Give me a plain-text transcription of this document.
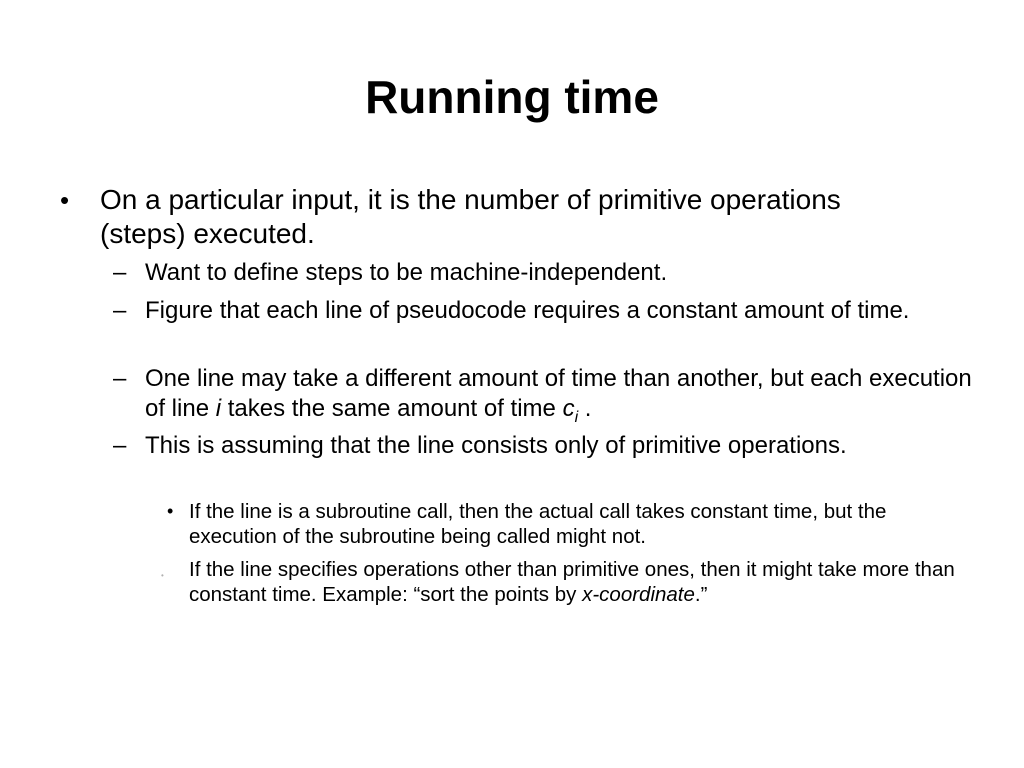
Running time
• On a particular input, it is the number of primitive operations (steps) executed.
– Want to define steps to be machine-independent.
– Figure that each line of pseudocode requires a constant amount of time.
– One line may take a different amount of time than another, but each execution of line i takes the same amount of time $c_i$ .
– This is assuming that the line consists only of primitive operations.
• If the line is a subroutine call, then the actual call takes constant time, but the execution of the subroutine being called might not.
• If the line specifies operations other than primitive ones, then it might take more than constant time. Example: “sort the points by x-coordinate.”
